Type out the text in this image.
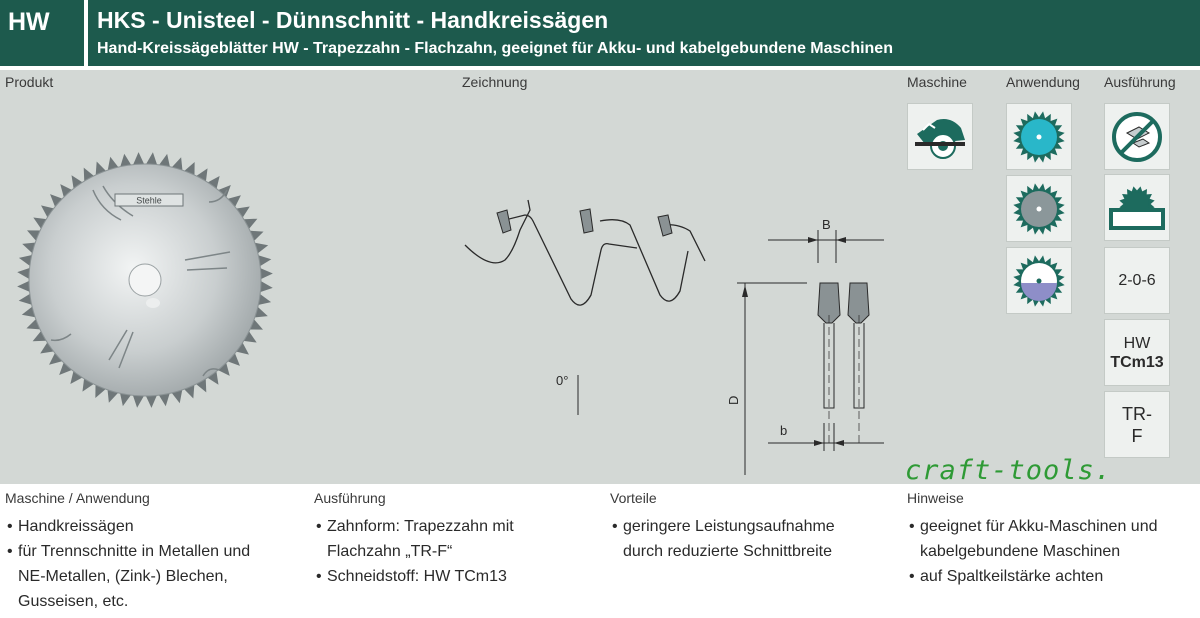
HW	HKS - Unisteel - Dünnschnitt - Handkreissägen
Hand-Kreissägeblätter HW - Trapezzahn - Flachzahn, geeignet für Akku- und kabelgebundene Maschinen
Produkt	Zeichnung	Maschine	Anwendung Ausführung
Stehle
0°
B
D
b
2-0-6
HW
TCm13
TR-
F
craft-tools.
Maschine / Anwendung
• Handkreissägen
• für Trennschnitte in Metallen und
NE-Metallen, (Zink-) Blechen,
Gusseisen, etc.
Ausführung
• Zahnform: Trapezzahn mit
Flachzahn „TR-F“
• Schneidstoff: HW TCm13
Vorteile
• geringere Leistungsaufnahme
durch reduzierte Schnittbreite
Hinweise
• geeignet für Akku-Maschinen und
kabelgebundene Maschinen
• auf Spaltkeilstärke achten
